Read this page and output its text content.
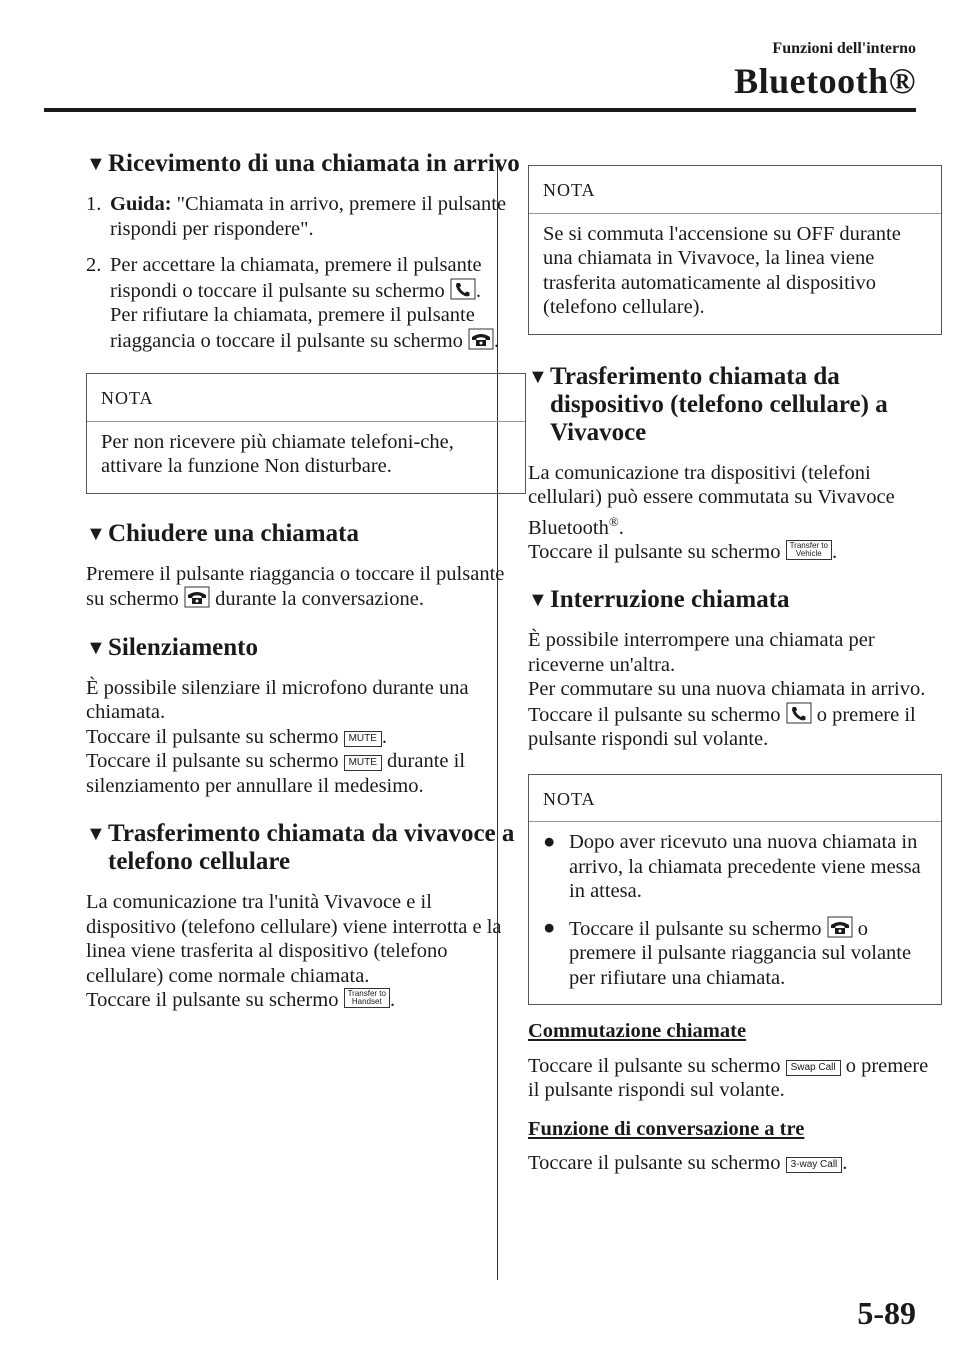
Funzioni dell'interno
Bluetooth®
▼ Ricevimento di una chiamata in arrivo
1. Guida: "Chiamata in arrivo, premere il pulsante rispondi per rispondere".
2. Per accettare la chiamata, premere il pulsante rispondi o toccare il pulsante su schermo .
Per rifiutare la chiamata, premere il pulsante riaggancia o toccare il pulsante su schermo .
NOTA
Per non ricevere più chiamate telefoni-che, attivare la funzione Non disturbare.
▼ Chiudere una chiamata

Premere il pulsante riaggancia o toccare il pulsante su schermo  durante la conversazione.

▼ Silenziamento

È possibile silenziare il microfono durante una chiamata.
Toccare il pulsante su schermo MUTE .
Toccare il pulsante su schermo MUTE durante il silenziamento per annullare il medesimo.

▼ Trasferimento chiamata da vivavoce a telefono cellulare

La comunicazione tra l'unità Vivavoce e il dispositivo (telefono cellulare) viene interrotta e la linea viene trasferita al dispositivo (telefono cellulare) come normale chiamata.
Toccare il pulsante su schermo Transfer to
Handset .

NOTA
Se si commuta l'accensione su OFF durante una chiamata in Vivavoce, la linea viene trasferita automaticamente al dispositivo (telefono cellulare).
▼ Trasferimento chiamata da dispositivo (telefono cellulare) a Vivavoce

La comunicazione tra dispositivi (telefoni cellulari) può essere commutata su Vivavoce Bluetooth®.
Toccare il pulsante su schermo Transfer to
Vehicle .

▼ Interruzione chiamata

È possibile interrompere una chiamata per riceverne un'altra.
Per commutare su una nuova chiamata in arrivo.
Toccare il pulsante su schermo  o premere il pulsante rispondi sul volante.

NOTA
● Dopo aver ricevuto una nuova chiamata in arrivo, la chiamata precedente viene messa in attesa.
● Toccare il pulsante su schermo  o premere il pulsante riaggancia sul volante per rifiutare una chiamata.

Commutazione chiamate

Toccare il pulsante su schermo Swap Call o premere il pulsante rispondi sul volante.

Funzione di conversazione a tre

Toccare il pulsante su schermo 3-way Call .

5-89
